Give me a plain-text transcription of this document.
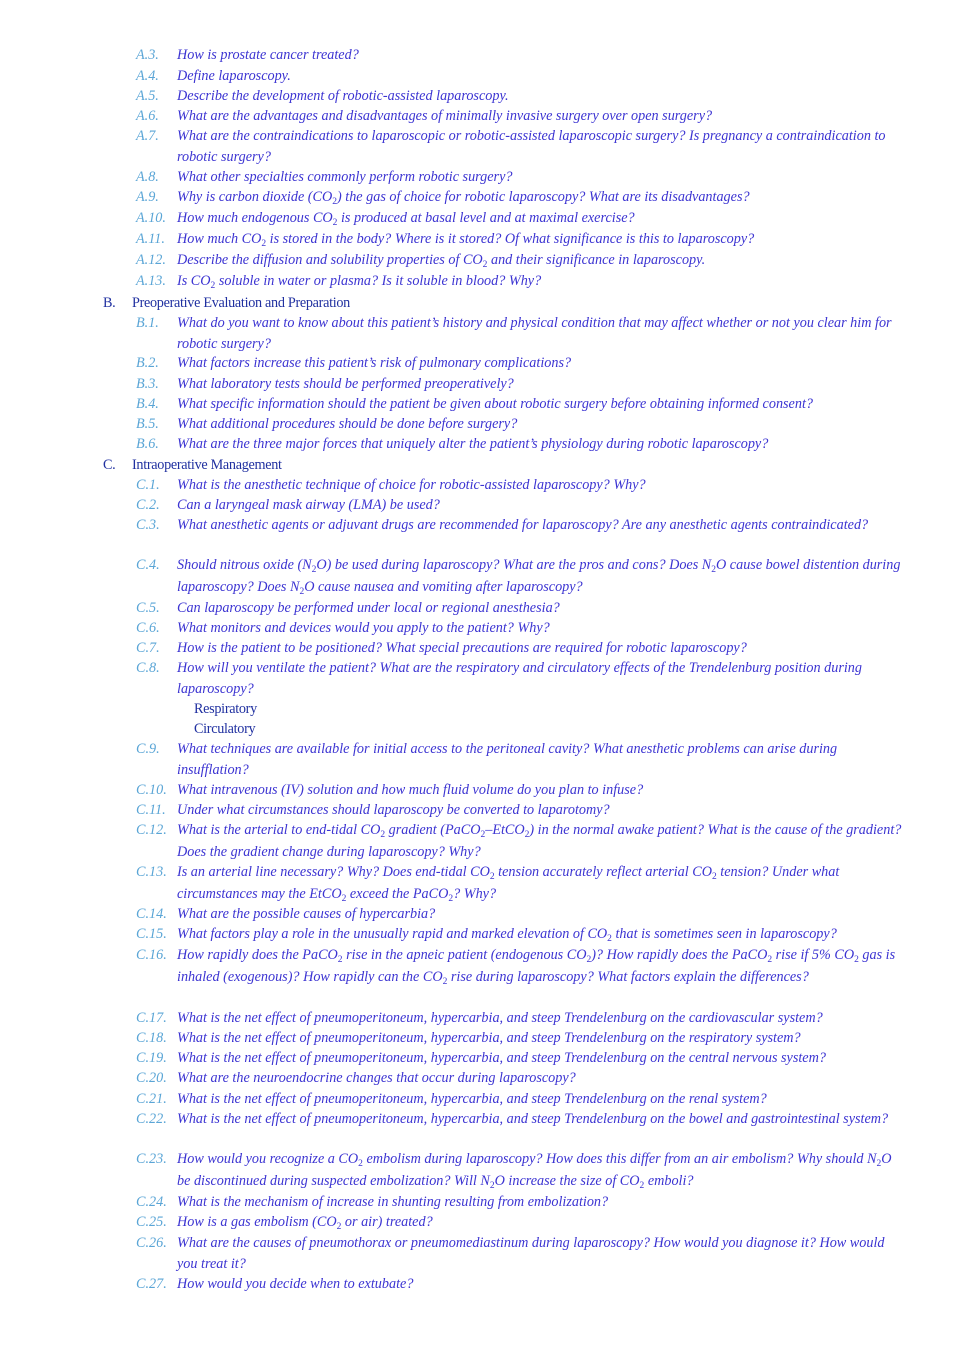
A.3.	How is prostate cancer treated?
A.4.	Define laparoscopy.
A.5.	Describe the development of robotic-assisted laparoscopy.
A.6.	What are the advantages and disadvantages of minimally invasive surgery over open surgery?
A.7.	What are the contraindications to laparoscopic or robotic-assisted laparoscopic surgery? Is pregnancy a contraindication to robotic surgery?
A.8.	What other specialties commonly perform robotic surgery?
A.9.	Why is carbon dioxide $(CO_2)$ the gas of choice for robotic laparoscopy? What are its disadvantages?
A.10. How much endogenous $CO_2$ is produced at basal level and at maximal exercise?
A.11. How much $CO_2$ is stored in the body? Where is it stored? Of what significance is this to laparoscopy?
A.12. Describe the diffusion and solubility properties of $CO_2$ and their significance in laparoscopy.
A.13. Is $CO_2$ soluble in water or plasma? Is it soluble in blood? Why?
B. Preoperative Evaluation and Preparation
B.1.	What do you want to know about this patient’s history and physical condition that may affect whether or not you clear him for robotic surgery?
B.2.	What factors increase this patient’s risk of pulmonary complications?
B.3.	What laboratory tests should be performed preoperatively?
B.4.	What specific information should the patient be given about robotic surgery before obtaining informed consent?
B.5.	What additional procedures should be done before surgery?
B.6.	What are the three major forces that uniquely alter the patient’s physiology during robotic laparoscopy?
C. Intraoperative Management
C.1.	What is the anesthetic technique of choice for robotic-assisted laparoscopy? Why?
C.2.	Can a laryngeal mask airway (LMA) be used?
C.3.	What anesthetic agents or adjuvant drugs are recommended for laparoscopy? Are any anesthetic agents contraindicated?
C.4.	Should nitrous oxide $(N_2O)$ be used during laparoscopy? What are the pros and cons? Does $N_2O$ cause bowel distention during laparoscopy? Does $N_2O$ cause nausea and vomiting after laparoscopy?
C.5.	Can laparoscopy be performed under local or regional anesthesia?
C.6.	What monitors and devices would you apply to the patient? Why?
C.7.	How is the patient to be positioned? What special precautions are required for robotic laparoscopy?
C.8.	How will you ventilate the patient? What are the respiratory and circulatory effects of the Trendelenburg position during laparoscopy?
Respiratory
Circulatory
C.9.	What techniques are available for initial access to the peritoneal cavity? What anesthetic problems can arise during insufflation?
C.10. What intravenous (IV) solution and how much fluid volume do you plan to infuse?
C.11. Under what circumstances should laparoscopy be converted to laparotomy?
C.12. What is the arterial to end-tidal $CO_2$ gradient (PaCO$_2$–EtCO$_2$) in the normal awake patient? What is the cause of the gradient? Does the gradient change during laparoscopy? Why?
C.13. Is an arterial line necessary? Why? Does end-tidal $CO_2$ tension accurately reflect arterial $CO_2$ tension? Under what circumstances may the EtCO$_2$ exceed the PaCO$_2$? Why?
C.14. What are the possible causes of hypercarbia?
C.15. What factors play a role in the unusually rapid and marked elevation of $CO_2$ that is sometimes seen in laparoscopy?
C.16. How rapidly does the PaCO$_2$ rise in the apneic patient (endogenous $CO_2$)? How rapidly does the PaCO$_2$ rise if 5% $CO_2$ gas is inhaled (exogenous)? How rapidly can the $CO_2$ rise during laparoscopy? What factors explain the differences?
C.17. What is the net effect of pneumoperitoneum, hypercarbia, and steep Trendelenburg on the cardiovascular system?
C.18. What is the net effect of pneumoperitoneum, hypercarbia, and steep Trendelenburg on the respiratory system?
C.19. What is the net effect of pneumoperitoneum, hypercarbia, and steep Trendelenburg on the central nervous system?
C.20. What are the neuroendocrine changes that occur during laparoscopy?
C.21. What is the net effect of pneumoperitoneum, hypercarbia, and steep Trendelenburg on the renal system?
C.22. What is the net effect of pneumoperitoneum, hypercarbia, and steep Trendelenburg on the bowel and gastrointestinal system?
C.23. How would you recognize a $CO_2$ embolism during laparoscopy? How does this differ from an air embolism? Why should $N_2O$ be discontinued during suspected embolization? Will $N_2O$ increase the size of $CO_2$ emboli?
C.24. What is the mechanism of increase in shunting resulting from embolization?
C.25. How is a gas embolism ($CO_2$ or air) treated?
C.26. What are the causes of pneumothorax or pneumomediastinum during laparoscopy? How would you diagnose it? How would you treat it?
C.27. How would you decide when to extubate?
